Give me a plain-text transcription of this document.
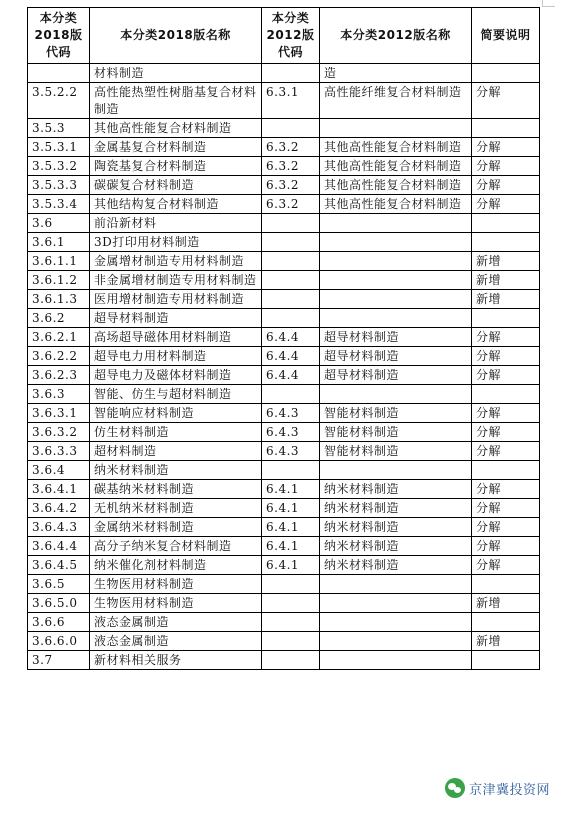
本分类
2018版
代码	本分类2018版名称	本分类
2012版
代码	本分类2012版名称	简要说明
	材料制造		造	
3.5.2.2	高性能热塑性树脂基复合材料制造	6.3.1	高性能纤维复合材料制造	分解
3.5.3	其他高性能复合材料制造			
3.5.3.1	金属基复合材料制造	6.3.2	其他高性能复合材料制造	分解
3.5.3.2	陶瓷基复合材料制造	6.3.2	其他高性能复合材料制造	分解
3.5.3.3	碳碳复合材料制造	6.3.2	其他高性能复合材料制造	分解
3.5.3.4	其他结构复合材料制造	6.3.2	其他高性能复合材料制造	分解
3.6	前沿新材料			
3.6.1	3D打印用材料制造			
3.6.1.1	金属增材制造专用材料制造			新增
3.6.1.2	非金属增材制造专用材料制造			新增
3.6.1.3	医用增材制造专用材料制造			新增
3.6.2	超导材料制造			
3.6.2.1	高场超导磁体用材料制造	6.4.4	超导材料制造	分解
3.6.2.2	超导电力用材料制造	6.4.4	超导材料制造	分解
3.6.2.3	超导电力及磁体材料制造	6.4.4	超导材料制造	分解
3.6.3	智能、仿生与超材料制造			
3.6.3.1	智能响应材料制造	6.4.3	智能材料制造	分解
3.6.3.2	仿生材料制造	6.4.3	智能材料制造	分解
3.6.3.3	超材料制造	6.4.3	智能材料制造	分解
3.6.4	纳米材料制造			
3.6.4.1	碳基纳米材料制造	6.4.1	纳米材料制造	分解
3.6.4.2	无机纳米材料制造	6.4.1	纳米材料制造	分解
3.6.4.3	金属纳米材料制造	6.4.1	纳米材料制造	分解
3.6.4.4	高分子纳米复合材料制造	6.4.1	纳米材料制造	分解
3.6.4.5	纳米催化剂材料制造	6.4.1	纳米材料制造	分解
3.6.5	生物医用材料制造			
3.6.5.0	生物医用材料制造			新增
3.6.6	液态金属制造			
3.6.6.0	液态金属制造			新增
3.7	新材料相关服务			
京津冀投资网
